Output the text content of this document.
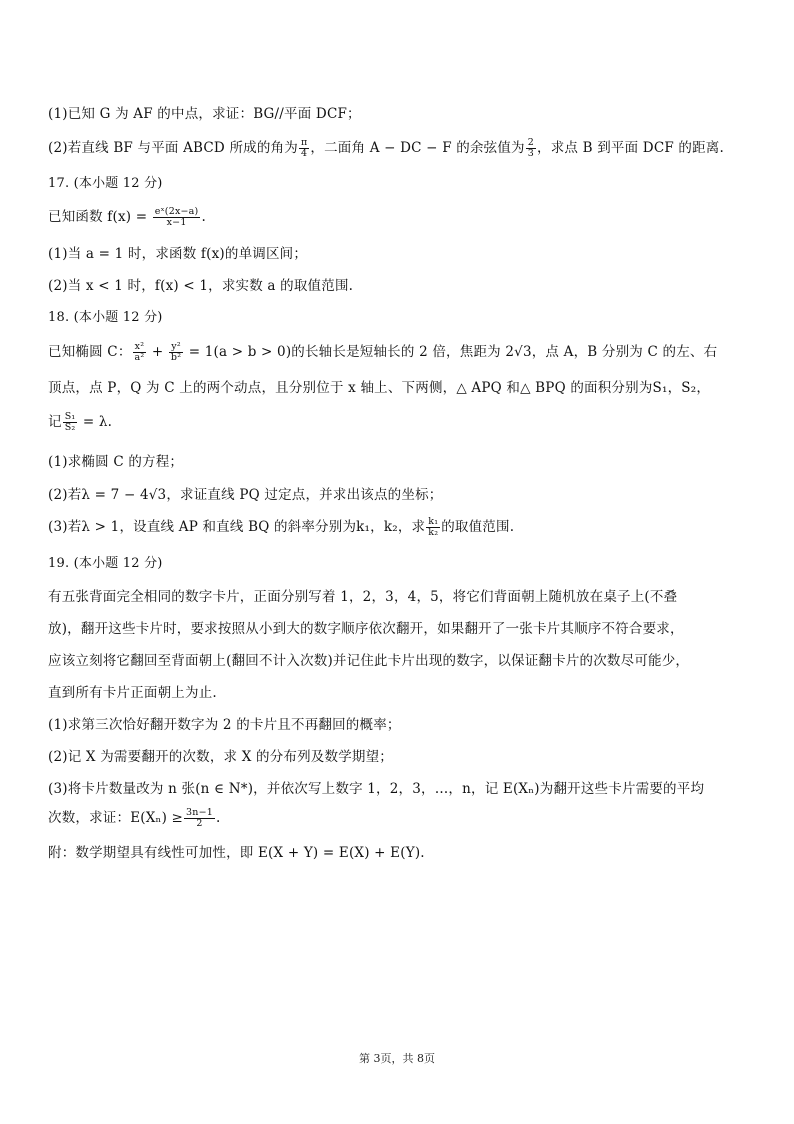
(1)已知 G 为 AF 的中点，求证：BG//平面 DCF；
(2)若直线 BF 与平面 ABCD 所成的角为 $\frac{\pi}{4}$ ，二面角 A − DC − F 的余弦值为 $\frac{2}{3}$ ，求点 B 到平面 DCF 的距离.
17. (本小题 12 分)
已知函数 $f(x) = \frac{\text{eˣ(2x−a)}}{x-1}$ .
(1)当 a = 1 时，求函数 f(x)的单调区间；
(2)当 x < 1 时，f(x) < 1，求实数 a 的取值范围.
18. (本小题 12 分)
已知椭圆 C： $\frac{\text{x²}}{\text{a²}} + \frac{\text{y²}}{\text{b²}} = 1(a > b > 0)$的长轴长是短轴长的 2 倍，焦距为 2√3，点 A，B 分别为 C 的左、右
顶点，点 P，Q 为 C 上的两个动点，且分别位于 x 轴上、下两侧，△ APQ 和△ BPQ 的面积分别为S₁，S₂，
记 $\frac{\text{S₁}}{\text{S₂}} = \lambda$.
(1)求椭圆 C 的方程；
(2)若λ = 7 − 4√3，求证直线 PQ 过定点，并求出该点的坐标；
(3)若λ > 1，设直线 AP 和直线 BQ 的斜率分别为k₁，k₂，求 $\frac{\text{k₁}}{\text{k₂}}$ 的取值范围.
19. (本小题 12 分)
有五张背面完全相同的数字卡片，正面分别写着 1，2，3，4，5，将它们背面朝上随机放在桌子上(不叠
放)，翻开这些卡片时，要求按照从小到大的数字顺序依次翻开，如果翻开了一张卡片其顺序不符合要求，
应该立刻将它翻回至背面朝上(翻回不计入次数)并记住此卡片出现的数字，以保证翻卡片的次数尽可能少，
直到所有卡片正面朝上为止.
(1)求第三次恰好翻开数字为 2 的卡片且不再翻回的概率；
(2)记 X 为需要翻开的次数，求 X 的分布列及数学期望；
(3)将卡片数量改为 n 张(n ∈ N*)，并依次写上数字 1，2，3，…，n，记 E(Xₙ)为翻开这些卡片需要的平均
次数，求证：$E(X_n) \ge \frac{3n-1}{2}$ .
附：数学期望具有线性可加性，即 E(X + Y) = E(X) + E(Y).
第 3页，共 8页
